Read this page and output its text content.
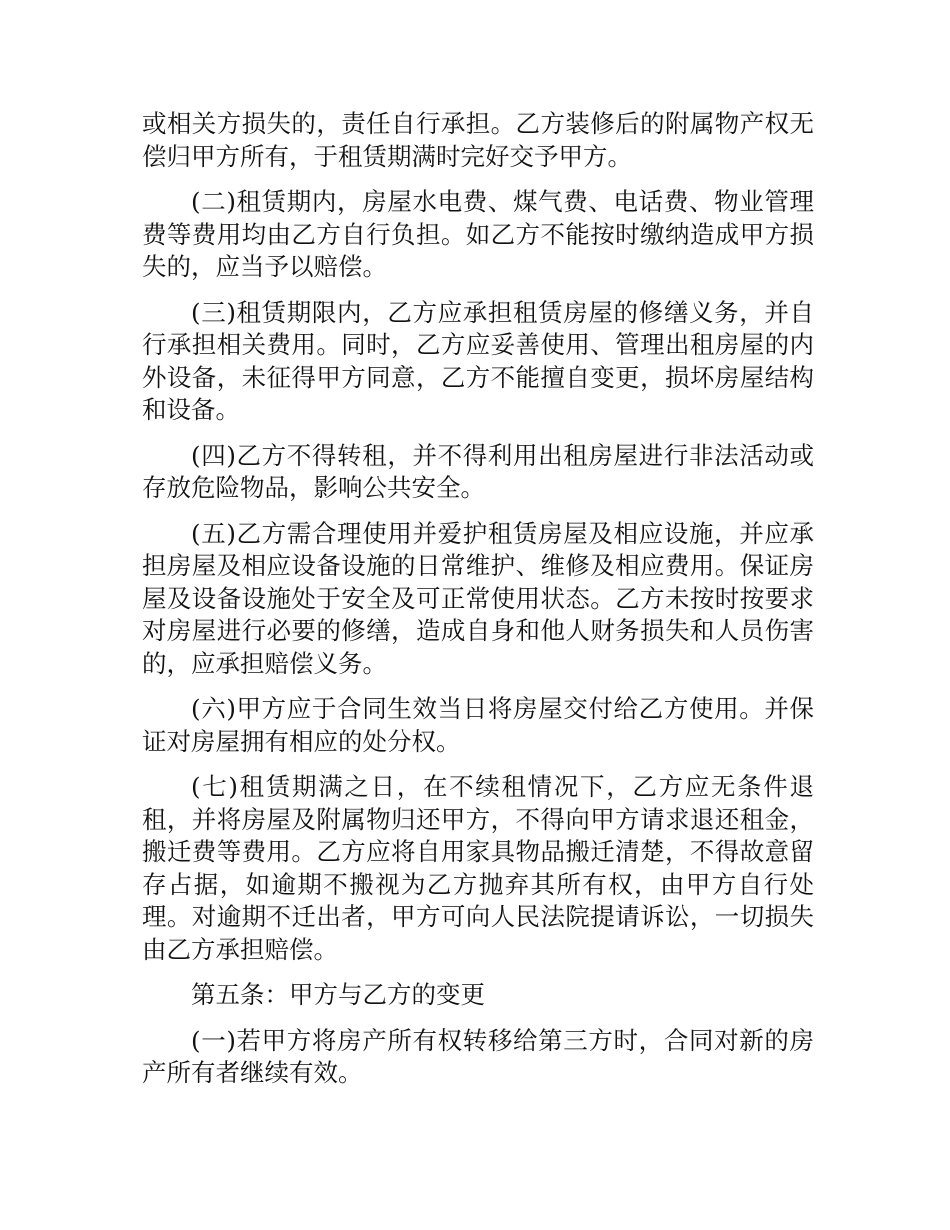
或相关方损失的，责任自行承担。乙方装修后的附属物产权无偿归甲方所有，于租赁期满时完好交予甲方。

(二)租赁期内，房屋水电费、煤气费、电话费、物业管理费等费用均由乙方自行负担。如乙方不能按时缴纳造成甲方损失的，应当予以赔偿。

(三)租赁期限内，乙方应承担租赁房屋的修缮义务，并自行承担相关费用。同时，乙方应妥善使用、管理出租房屋的内外设备，未征得甲方同意，乙方不能擅自变更，损坏房屋结构和设备。

(四)乙方不得转租，并不得利用出租房屋进行非法活动或存放危险物品，影响公共安全。

(五)乙方需合理使用并爱护租赁房屋及相应设施，并应承担房屋及相应设备设施的日常维护、维修及相应费用。保证房屋及设备设施处于安全及可正常使用状态。乙方未按时按要求对房屋进行必要的修缮，造成自身和他人财务损失和人员伤害的，应承担赔偿义务。

(六)甲方应于合同生效当日将房屋交付给乙方使用。并保证对房屋拥有相应的处分权。

(七)租赁期满之日，在不续租情况下，乙方应无条件退租，并将房屋及附属物归还甲方，不得向甲方请求退还租金，搬迁费等费用。乙方应将自用家具物品搬迁清楚，不得故意留存占据，如逾期不搬视为乙方抛弃其所有权，由甲方自行处理。对逾期不迁出者，甲方可向人民法院提请诉讼，一切损失由乙方承担赔偿。

第五条：甲方与乙方的变更

(一)若甲方将房产所有权转移给第三方时，合同对新的房产所有者继续有效。
